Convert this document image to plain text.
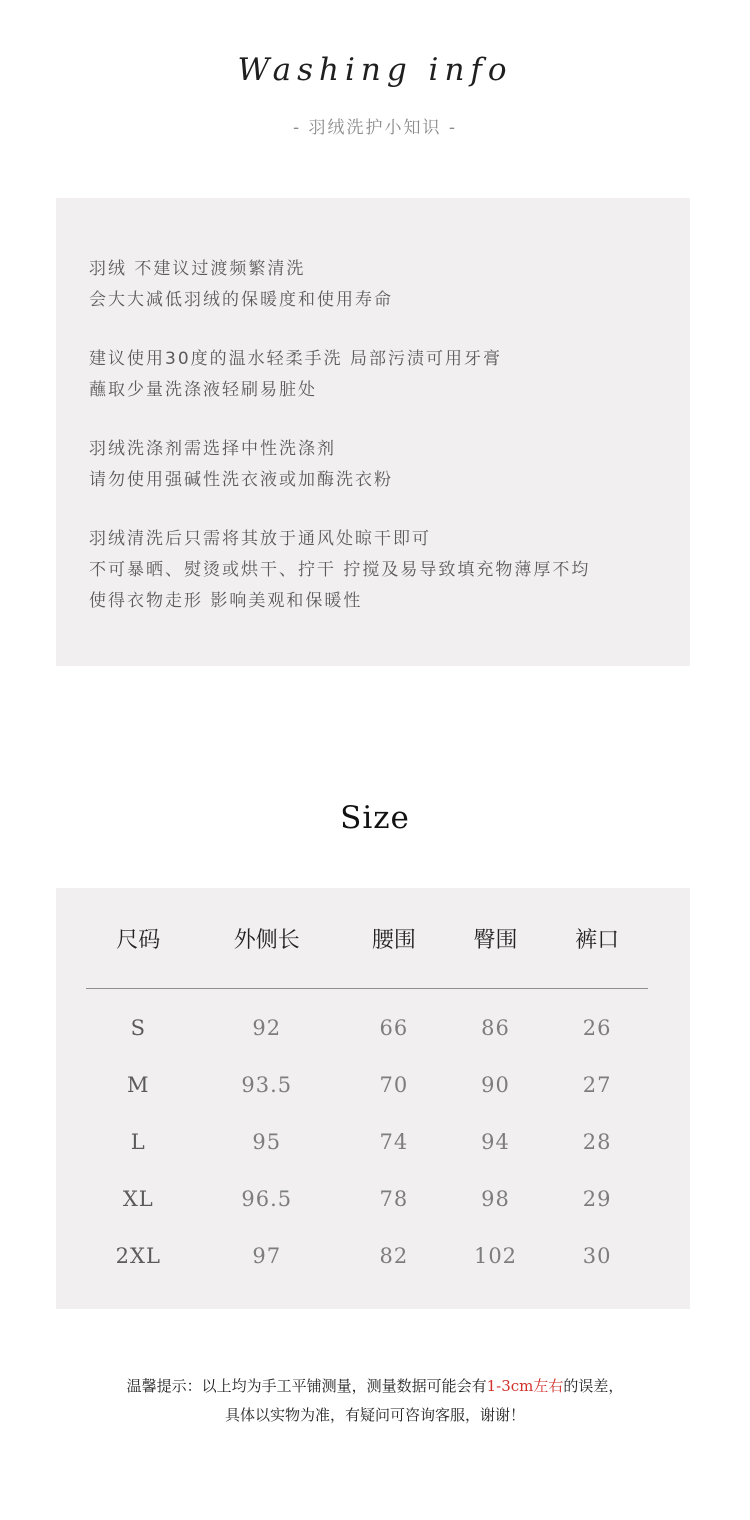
Washing info
- 羽绒洗护小知识 -
羽绒 不建议过渡频繁清洗
会大大减低羽绒的保暖度和使用寿命
建议使用30度的温水轻柔手洗 局部污渍可用牙膏
蘸取少量洗涤液轻刷易脏处
羽绒洗涤剂需选择中性洗涤剂
请勿使用强碱性洗衣液或加酶洗衣粉
羽绒清洗后只需将其放于通风处晾干即可
不可暴晒、熨烫或烘干、拧干 拧搅及易导致填充物薄厚不均
使得衣物走形 影响美观和保暖性
Size
尺码	外侧长	腰围	臀围	裤口
S	92	66	86	26
M	93.5	70	90	27
L	95	74	94	28
XL	96.5	78	98	29
2XL	97	82	102	30
温馨提示：以上均为手工平铺测量，测量数据可能会有1-3cm左右的误差，
具体以实物为准，有疑问可咨询客服，谢谢！
